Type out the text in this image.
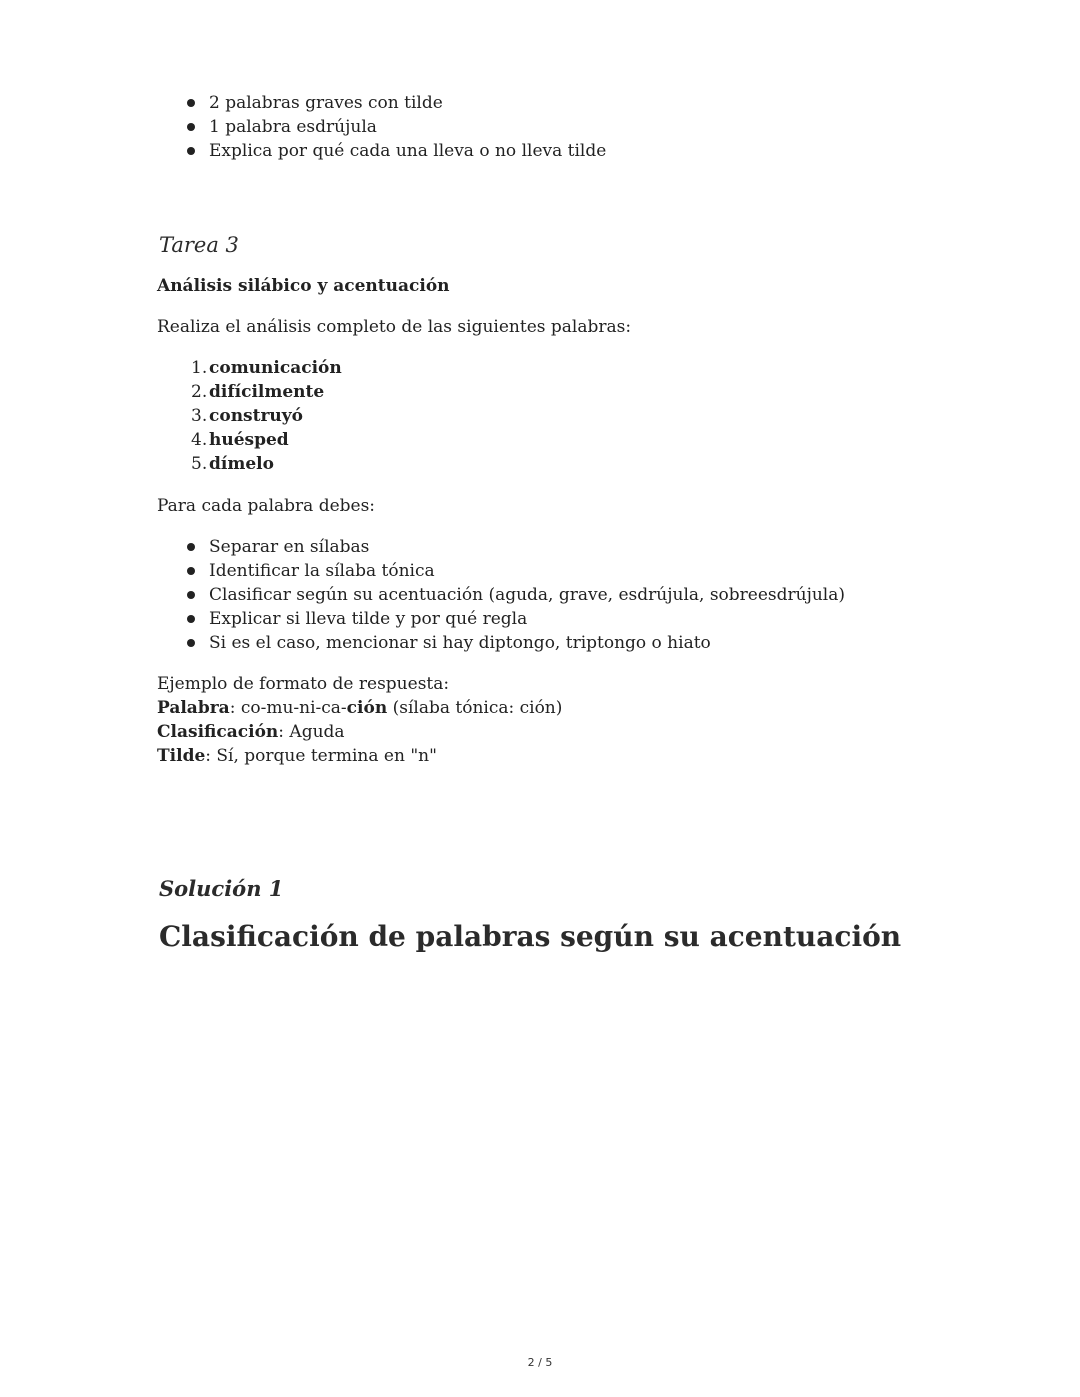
2 palabras graves con tilde
1 palabra esdrújula
Explica por qué cada una lleva o no lleva tilde
Tarea 3
Análisis silábico y acentuación
Realiza el análisis completo de las siguientes palabras:
1. comunicación
2. difícilmente
3. construyó
4. huésped
5. dímelo
Para cada palabra debes:
Separar en sílabas
Identificar la sílaba tónica
Clasificar según su acentuación (aguda, grave, esdrújula, sobreesdrújula)
Explicar si lleva tilde y por qué regla
Si es el caso, mencionar si hay diptongo, triptongo o hiato
Ejemplo de formato de respuesta:
Palabra: co-mu-ni-ca-ción (sílaba tónica: ción)
Clasificación: Aguda
Tilde: Sí, porque termina en "n"
Solución 1
Clasificación de palabras según su acentuación
2 / 5
